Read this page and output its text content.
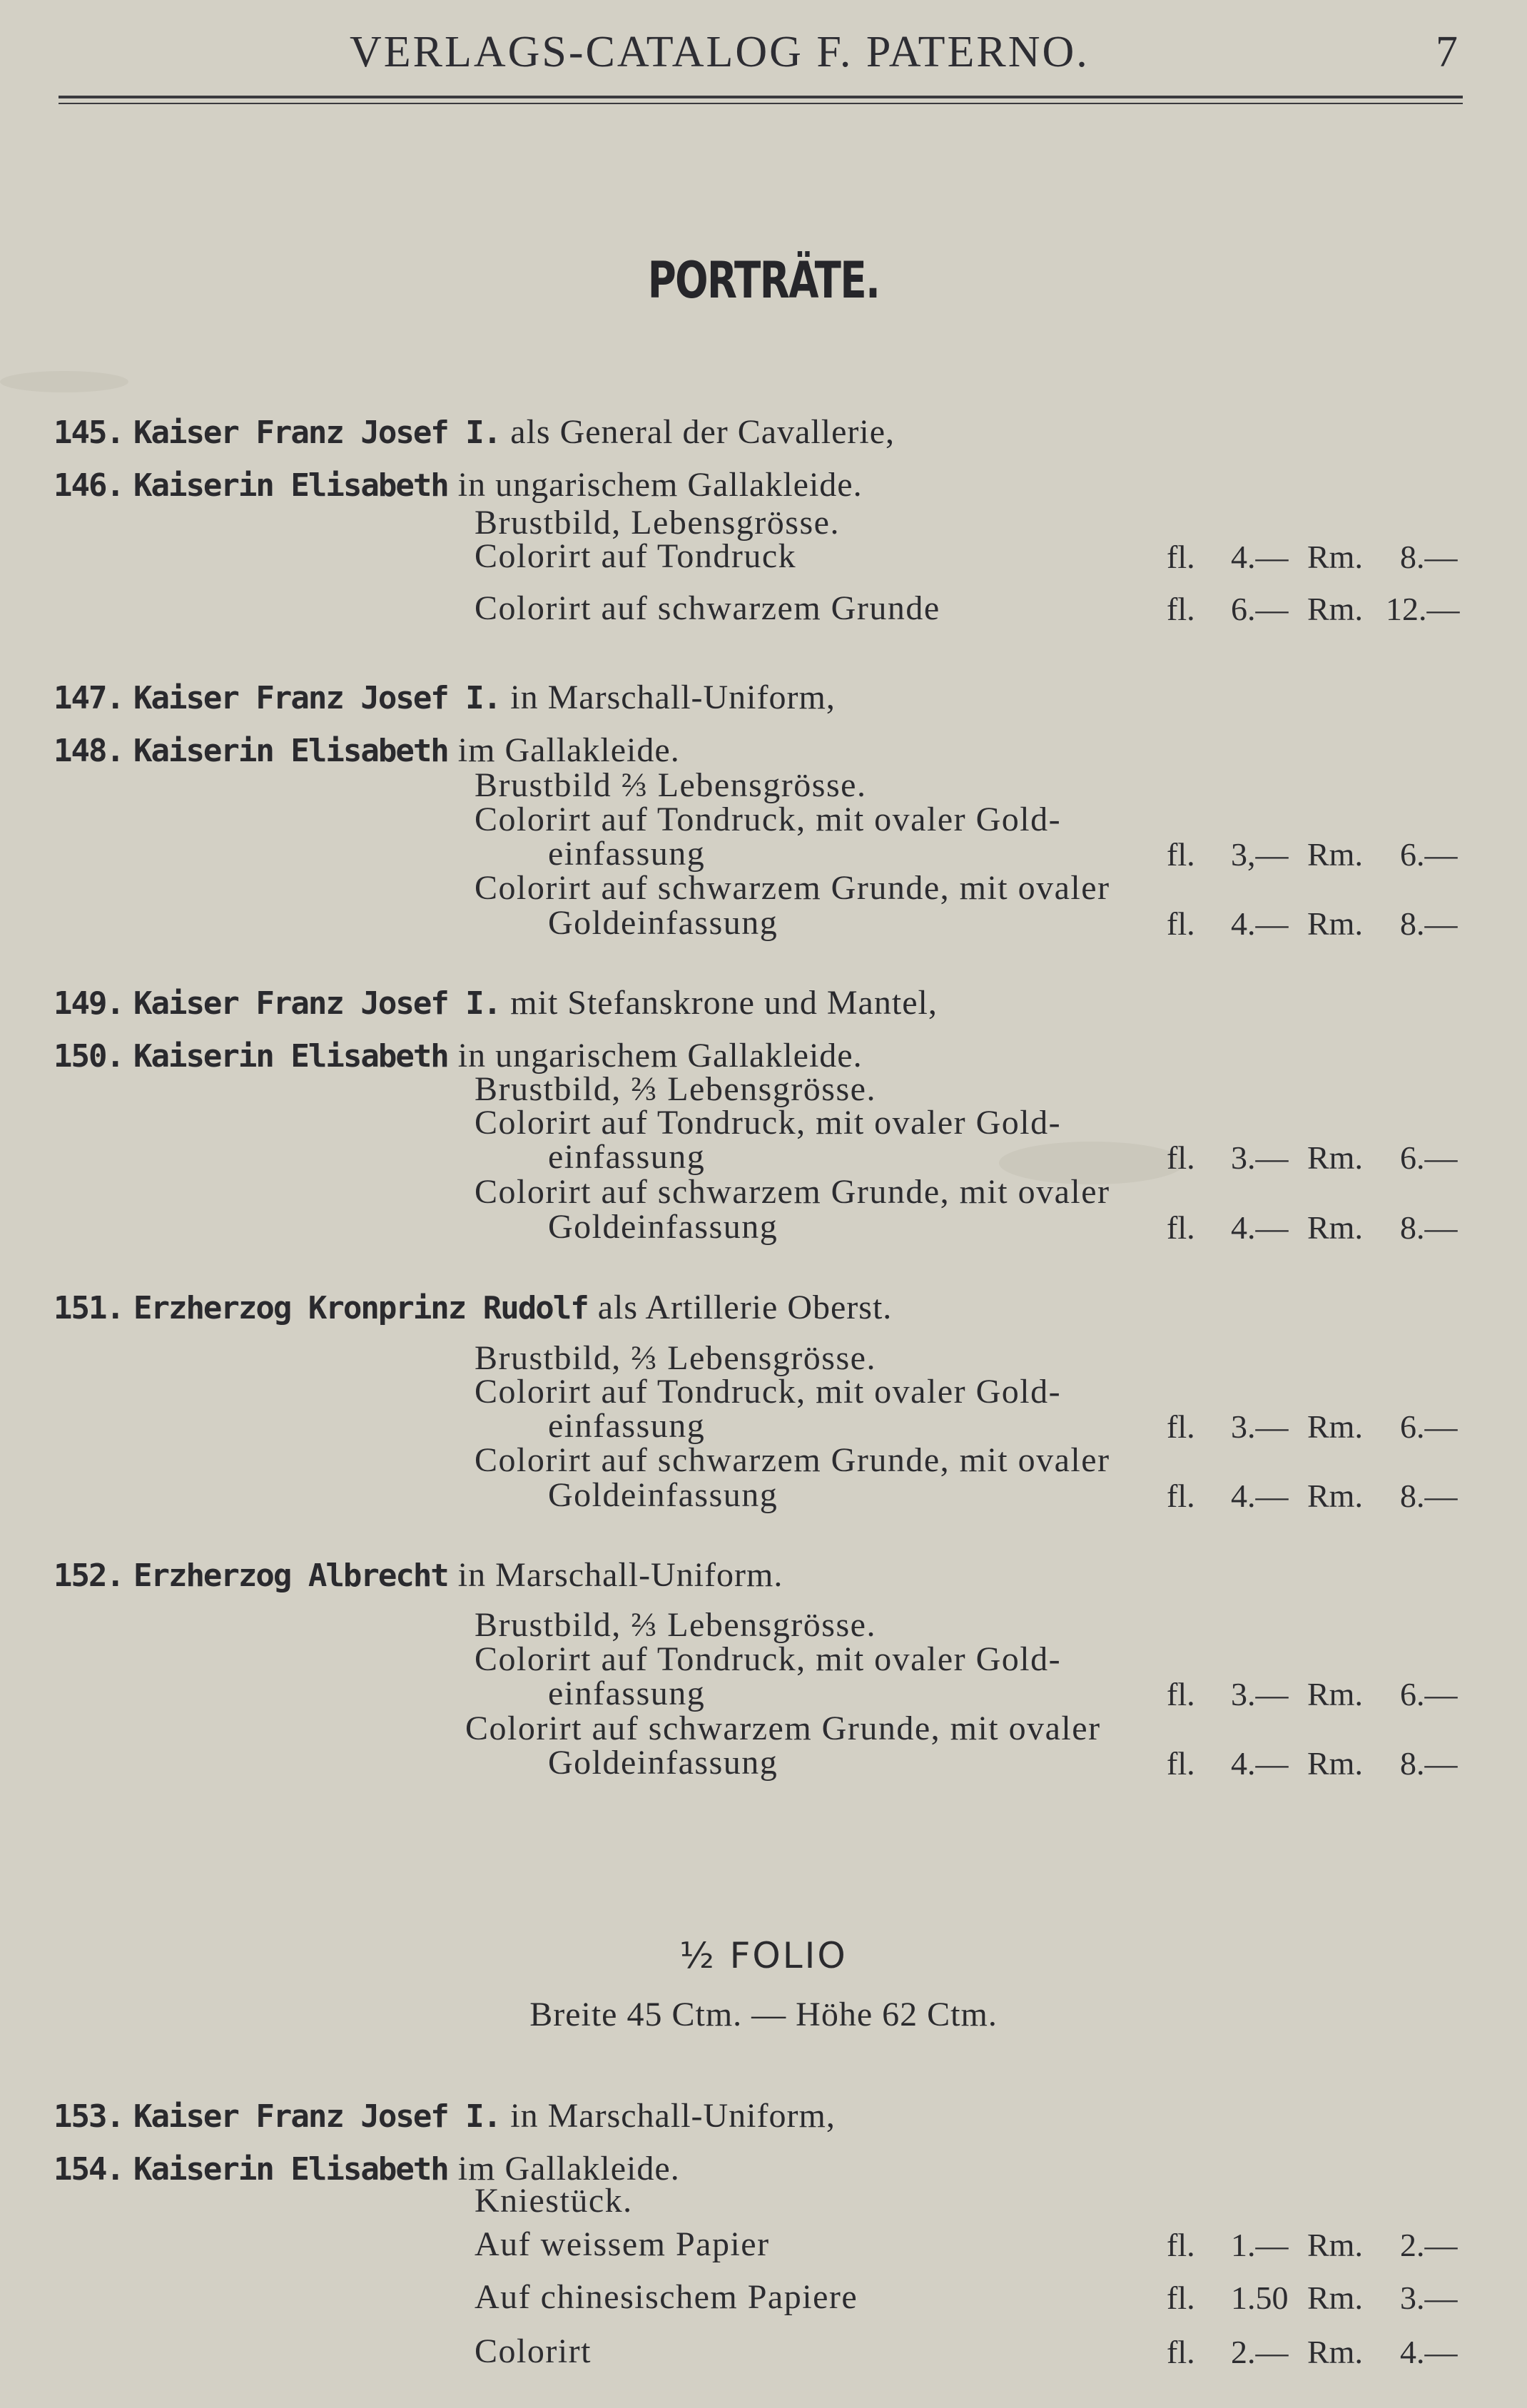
VERLAGS-CATALOG F. PATERNO.	7
PORTRÄTE.
145. Kaiser Franz Josef I. als General der Cavallerie,
146. Kaiserin Elisabeth in ungarischem Gallakleide.
Brustbild, Lebensgrösse.
Colorirt auf Tondruck	fl. 4.— Rm. 8.—
Colorirt auf schwarzem Grunde	fl. 6.— Rm. 12.—
147. Kaiser Franz Josef I. in Marschall-Uniform,
148. Kaiserin Elisabeth im Gallakleide.
Brustbild ⅔ Lebensgrösse.
Colorirt auf Tondruck, mit ovaler Gold-
einfassung	fl. 3,— Rm. 6.—
Colorirt auf schwarzem Grunde, mit ovaler
Goldeinfassung	fl. 4.— Rm. 8.—
149. Kaiser Franz Josef I. mit Stefanskrone und Mantel,
150. Kaiserin Elisabeth in ungarischem Gallakleide.
Brustbild, ⅔ Lebensgrösse.
Colorirt auf Tondruck, mit ovaler Gold-
einfassung	fl. 3.— Rm. 6.—
Colorirt auf schwarzem Grunde, mit ovaler
Goldeinfassung	fl. 4.— Rm. 8.—
151. Erzherzog Kronprinz Rudolf als Artillerie Oberst.
Brustbild, ⅔ Lebensgrösse.
Colorirt auf Tondruck, mit ovaler Gold-
einfassung	fl. 3.— Rm. 6.—
Colorirt auf schwarzem Grunde, mit ovaler
Goldeinfassung	fl. 4.— Rm. 8.—
152. Erzherzog Albrecht in Marschall-Uniform.
Brustbild, ⅔ Lebensgrösse.
Colorirt auf Tondruck, mit ovaler Gold-
einfassung	fl. 3.— Rm. 6.—
Colorirt auf schwarzem Grunde, mit ovaler
Goldeinfassung	fl. 4.— Rm. 8.—
½ FOLIO
Breite 45 Ctm. — Höhe 62 Ctm.
153. Kaiser Franz Josef I. in Marschall-Uniform,
154. Kaiserin Elisabeth im Gallakleide.
Kniestück.
Auf weissem Papier	fl. 1.— Rm. 2.—
Auf chinesischem Papiere	fl. 1.50 Rm. 3.—
Colorirt	fl. 2.— Rm. 4.—
